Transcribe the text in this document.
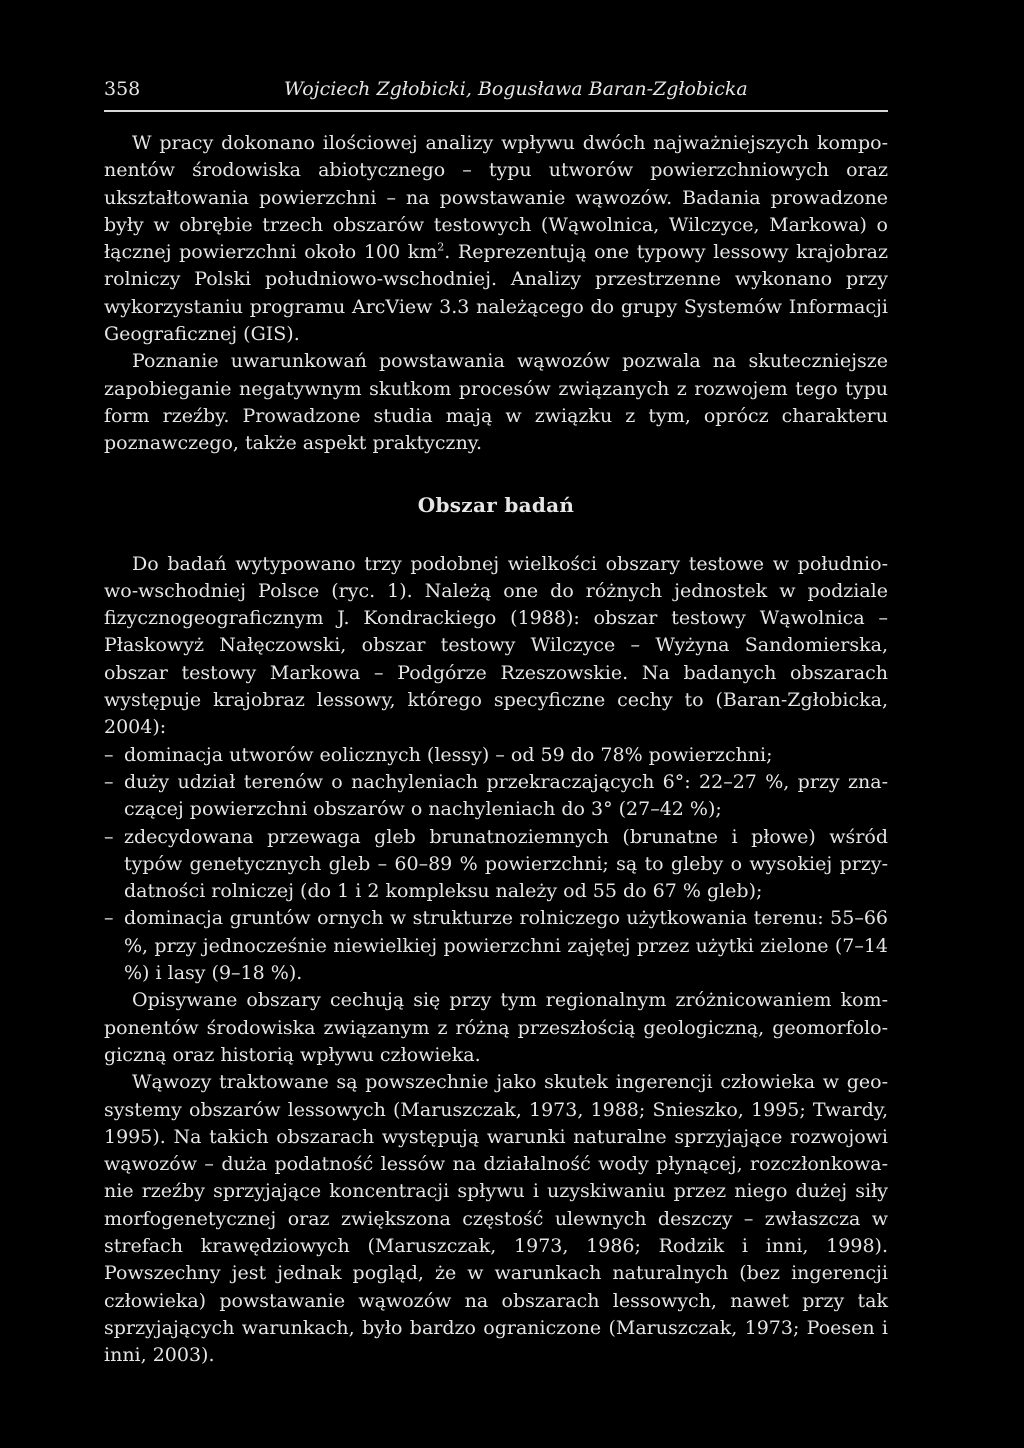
358	Wojciech Zgłobicki, Bogusława Baran-Zgłobicka

W pracy dokonano ilościowej analizy wpływu dwóch najważniejszych komponentów środowiska abiotycznego – typu utworów powierzchniowych oraz ukształtowania powierzchni – na powstawanie wąwozów. Badania prowadzone były w obrębie trzech obszarów testowych (Wąwolnica, Wilczyce, Markowa) o łącznej powierzchni około 100 $km^2$. Reprezentują one typowy lessowy krajobraz rolniczy Polski południowo-wschodniej. Analizy przestrzenne wykonano przy wykorzystaniu programu ArcView 3.3 należącego do grupy Systemów Informacji Geograficznej (GIS).

Poznanie uwarunkowań powstawania wąwozów pozwala na skuteczniejsze zapobieganie negatywnym skutkom procesów związanych z rozwojem tego typu form rzeźby. Prowadzone studia mają w związku z tym, oprócz charakteru poznawczego, także aspekt praktyczny.

Obszar badań

Do badań wytypowano trzy podobnej wielkości obszary testowe w południowo-wschodniej Polsce (ryc. 1). Należą one do różnych jednostek w podziale fizycznogeograficznym J. Kondrackiego (1988): obszar testowy Wąwolnica – Płaskowyż Nałęczowski, obszar testowy Wilczyce – Wyżyna Sandomierska, obszar testowy Markowa – Podgórze Rzeszowskie. Na badanych obszarach występuje krajobraz lessowy, którego specyficzne cechy to (Baran-Zgłobicka, 2004):

– dominacja utworów eolicznych (lessy) – od 59 do 78% powierzchni;
– duży udział terenów o nachyleniach przekraczających 6°: 22–27 %, przy znaczącej powierzchni obszarów o nachyleniach do 3° (27–42 %);
– zdecydowana przewaga gleb brunatnoziemnych (brunatne i płowe) wśród typów genetycznych gleb – 60–89 % powierzchni; są to gleby o wysokiej przydatności rolniczej (do 1 i 2 kompleksu należy od 55 do 67 % gleb);
– dominacja gruntów ornych w strukturze rolniczego użytkowania terenu: 55–66 %, przy jednocześnie niewielkiej powierzchni zajętej przez użytki zielone (7–14 %) i lasy (9–18 %).

Opisywane obszary cechują się przy tym regionalnym zróżnicowaniem komponentów środowiska związanym z różną przeszłością geologiczną, geomorfologiczną oraz historią wpływu człowieka.

Wąwozy traktowane są powszechnie jako skutek ingerencji człowieka w geosystemy obszarów lessowych (Maruszczak, 1973, 1988; Snieszko, 1995; Twardy, 1995). Na takich obszarach występują warunki naturalne sprzyjające rozwojowi wąwozów – duża podatność lessów na działalność wody płynącej, rozczłonkowanie rzeźby sprzyjające koncentracji spływu i uzyskiwaniu przez niego dużej siły morfogenetycznej oraz zwiększona częstość ulewnych deszczy – zwłaszcza w strefach krawędziowych (Maruszczak, 1973, 1986; Rodzik i inni, 1998). Powszechny jest jednak pogląd, że w warunkach naturalnych (bez ingerencji człowieka) powstawanie wąwozów na obszarach lessowych, nawet przy tak sprzyjających warunkach, było bardzo ograniczone (Maruszczak, 1973; Poesen i inni, 2003).
